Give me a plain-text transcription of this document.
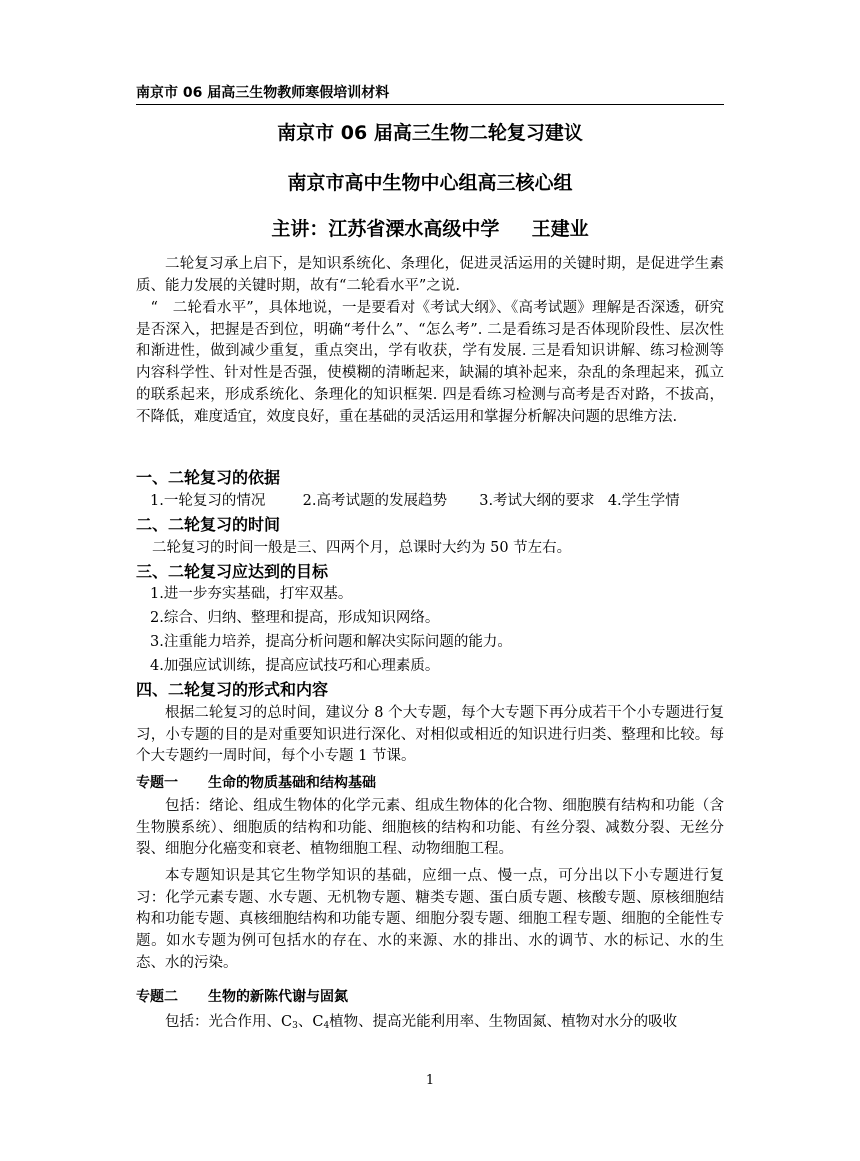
南京市 06 届高三生物教师寒假培训材料
南京市 06 届高三生物二轮复习建议
南京市高中生物中心组高三核心组
主讲：江苏省溧水高级中学 　 王建业
二轮复习承上启下，是知识系统化、条理化，促进灵活运用的关键时期，是促进学生素质、能力发展的关键时期，故有“二轮看水平”之说.
“　二轮看水平”，具体地说，一是要看对《考试大纲》、《高考试题》理解是否深透，研究是否深入，把握是否到位，明确“考什么”、“怎么考”. 二是看练习是否体现阶段性、层次性和渐进性，做到减少重复，重点突出，学有收获，学有发展. 三是看知识讲解、练习检测等内容科学性、针对性是否强，使模糊的清晰起来，缺漏的填补起来，杂乱的条理起来，孤立的联系起来，形成系统化、条理化的知识框架. 四是看练习检测与高考是否对路，不拔高，不降低，难度适宜，效度良好，重在基础的灵活运用和掌握分析解决问题的思维方法.
一、二轮复习的依据
1.一轮复习的情况	2.高考试题的发展趋势 3.考试大纲的要求 4.学生学情
二、二轮复习的时间
二轮复习的时间一般是三、四两个月，总课时大约为 50 节左右。
三、二轮复习应达到的目标
1.进一步夯实基础，打牢双基。
2.综合、归纳、整理和提高，形成知识网络。
3.注重能力培养，提高分析问题和解决实际问题的能力。
4.加强应试训练，提高应试技巧和心理素质。
四、二轮复习的形式和内容
根据二轮复习的总时间，建议分 8 个大专题，每个大专题下再分成若干个小专题进行复习，小专题的目的是对重要知识进行深化、对相似或相近的知识进行归类、整理和比较。每个大专题约一周时间，每个小专题 1 节课。
专题一 生命的物质基础和结构基础
包括：绪论、组成生物体的化学元素、组成生物体的化合物、细胞膜有结构和功能（含生物膜系统）、细胞质的结构和功能、细胞核的结构和功能、有丝分裂、减数分裂、无丝分裂、细胞分化癌变和衰老、植物细胞工程、动物细胞工程。
本专题知识是其它生物学知识的基础，应细一点、慢一点，可分出以下小专题进行复习：化学元素专题、水专题、无机物专题、糖类专题、蛋白质专题、核酸专题、原核细胞结构和功能专题、真核细胞结构和功能专题、细胞分裂专题、细胞工程专题、细胞的全能性专题。如水专题为例可包括水的存在、水的来源、水的排出、水的调节、水的标记、水的生态、水的污染。
专题二 生物的新陈代谢与固氮
包括：光合作用、$C_3$、$C_4$植物、提高光能利用率、生物固氮、植物对水分的吸收
1
